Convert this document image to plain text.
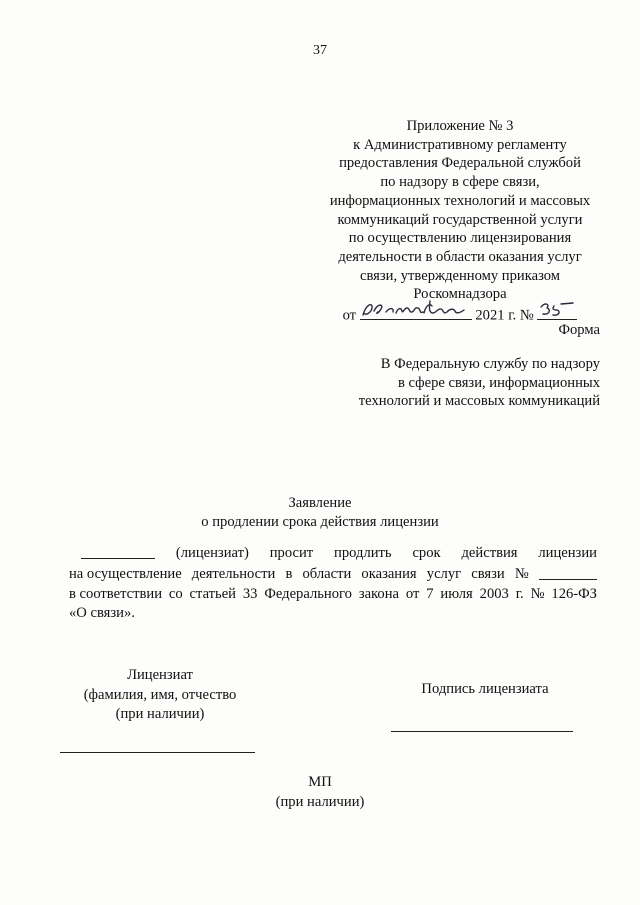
37
Приложение № 3
к Административному регламенту
предоставления Федеральной службой
по надзору в сфере связи,
информационных технологий и массовых
коммуникаций государственной услуги
по осуществлению лицензирования
деятельности в области оказания услуг
связи, утвержденному приказом
Роскомнадзора
от	2021 г. №
Форма
В Федеральную службу по надзору
в сфере связи, информационных
технологий и массовых коммуникаций
Заявление
о продлении срока действия лицензии
(лицензиат) просит продлить срок действия лицензии
на осуществление деятельности в области оказания услуг связи №
в соответствии со статьей 33 Федерального закона от 7 июля 2003 г. № 126-ФЗ
«О связи».
Лицензиат
(фамилия, имя, отчество
(при наличии)
Подпись лицензиата
МП
(при наличии)
